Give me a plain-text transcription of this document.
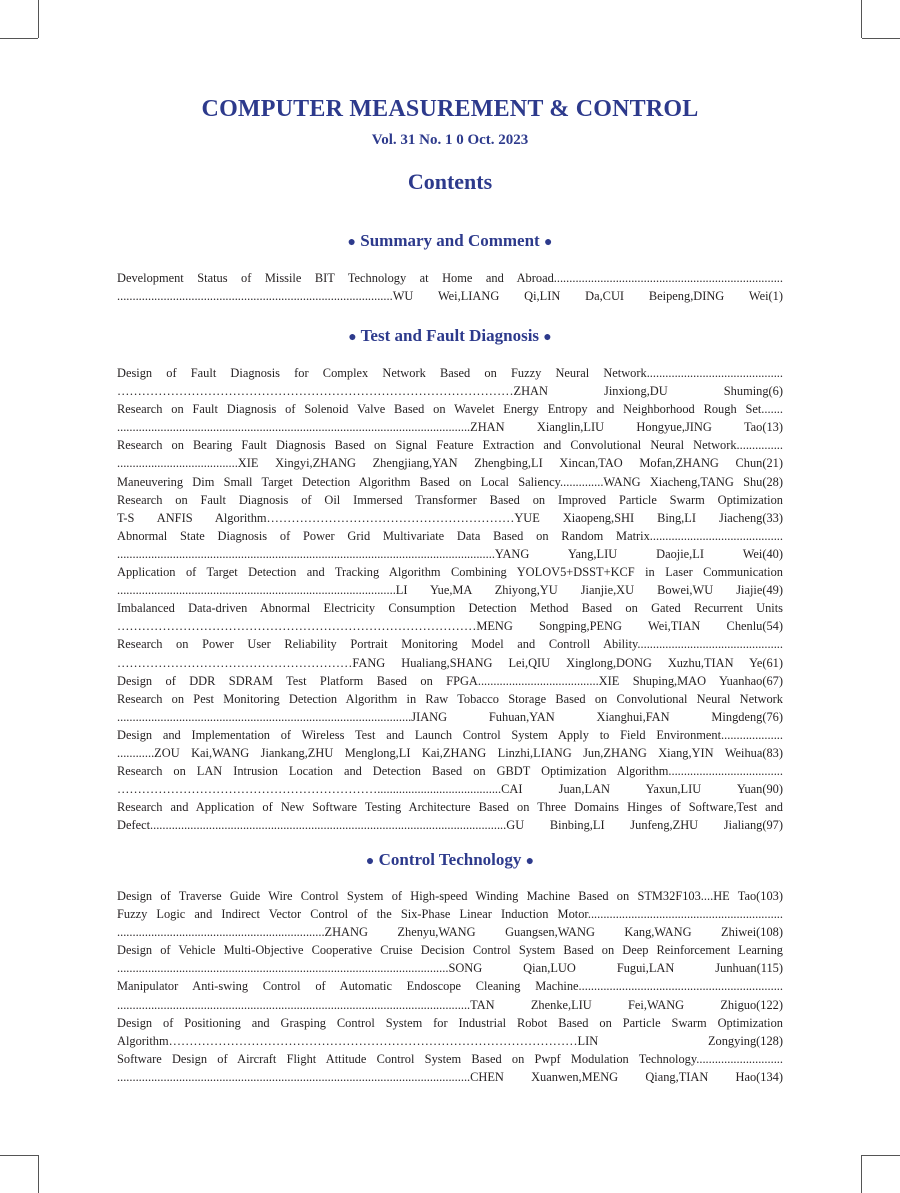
COMPUTER MEASUREMENT & CONTROL
Vol. 31 No. 1 0 Oct. 2023
Contents
● Summary and Comment ●
Development Status of Missile BIT Technology at Home and Abroad..........................................................................
.........................................................................................WU Wei,LIANG Qi,LIN Da,CUI Beipeng,DING Wei(1)
● Test and Fault Diagnosis ●
Design of Fault Diagnosis for Complex Network Based on Fuzzy Neural Network............................................
……………………………………………………………………………………ZHAN Jinxiong,DU Shuming(6)
Research on Fault Diagnosis of Solenoid Valve Based on Wavelet Energy Entropy and Neighborhood Rough Set.......
..................................................................................................................ZHAN Xianglin,LIU Hongyue,JING Tao(13)
Research on Bearing Fault Diagnosis Based on Signal Feature Extraction and Convolutional Neural Network...............
.......................................XIE Xingyi,ZHANG Zhengjiang,YAN Zhengbing,LI Xincan,TAO Mofan,ZHANG Chun(21)
Maneuvering Dim Small Target Detection Algorithm Based on Local Saliency..............WANG Xiacheng,TANG Shu(28)
Research on Fault Diagnosis of Oil Immersed Transformer Based on Improved Particle Swarm Optimization
T-S ANFIS Algorithm……………………………………………………YUE Xiaopeng,SHI Bing,LI Jiacheng(33)
Abnormal State Diagnosis of Power Grid Multivariate Data Based on Random Matrix...........................................
..........................................................................................................................YANG Yang,LIU Daojie,LI Wei(40)
Application of Target Detection and Tracking Algorithm Combining YOLOV5+DSST+KCF in Laser Communication
..........................................................................................LI Yue,MA Zhiyong,YU Jianjie,XU Bowei,WU Jiajie(49)
Imbalanced Data-driven Abnormal Electricity Consumption Detection Method Based on Gated Recurrent Units
……………………………………………………………………………MENG Songping,PENG Wei,TIAN Chenlu(54)
Research on Power User Reliability Portrait Monitoring Model and Controll Ability...............................................
…………………………………………………FANG Hualiang,SHANG Lei,QIU Xinglong,DONG Xuzhu,TIAN Ye(61)
Design of DDR SDRAM Test Platform Based on FPGA.......................................XIE Shuping,MAO Yuanhao(67)
Research on Pest Monitoring Detection Algorithm in Raw Tobacco Storage Based on Convolutional Neural Network
...............................................................................................JIANG Fuhuan,YAN Xianghui,FAN Mingdeng(76)
Design and Implementation of Wireless Test and Launch Control System Apply to Field Environment....................
............ZOU Kai,WANG Jiankang,ZHU Menglong,LI Kai,ZHANG Linzhi,LIANG Jun,ZHANG Xiang,YIN Weihua(83)
Research on LAN Intrusion Location and Detection Based on GBDT Optimization Algorithm.....................................
………………………………………………………........................................CAI Juan,LAN Yaxun,LIU Yuan(90)
Research and Application of New Software Testing Architecture Based on Three Domains Hinges of Software,Test and
Defect...................................................................................................................GU Binbing,LI Junfeng,ZHU Jialiang(97)
● Control Technology ●
Design of Traverse Guide Wire Control System of High-speed Winding Machine Based on STM32F103....HE Tao(103)
Fuzzy Logic and Indirect Vector Control of the Six-Phase Linear Induction Motor...............................................................
...................................................................ZHANG Zhenyu,WANG Guangsen,WANG Kang,WANG Zhiwei(108)
Design of Vehicle Multi-Objective Cooperative Cruise Decision Control System Based on Deep Reinforcement Learning
...........................................................................................................SONG Qian,LUO Fugui,LAN Junhuan(115)
Manipulator Anti-swing Control of Automatic Endoscope Cleaning Machine..................................................................
..................................................................................................................TAN Zhenke,LIU Fei,WANG Zhiguo(122)
Design of Positioning and Grasping Control System for Industrial Robot Based on Particle Swarm Optimization
Algorithm………………………………………………………………………………………LIN Zongying(128)
Software Design of Aircraft Flight Attitude Control System Based on Pwpf Modulation Technology............................
..................................................................................................................CHEN Xuanwen,MENG Qiang,TIAN Hao(134)
